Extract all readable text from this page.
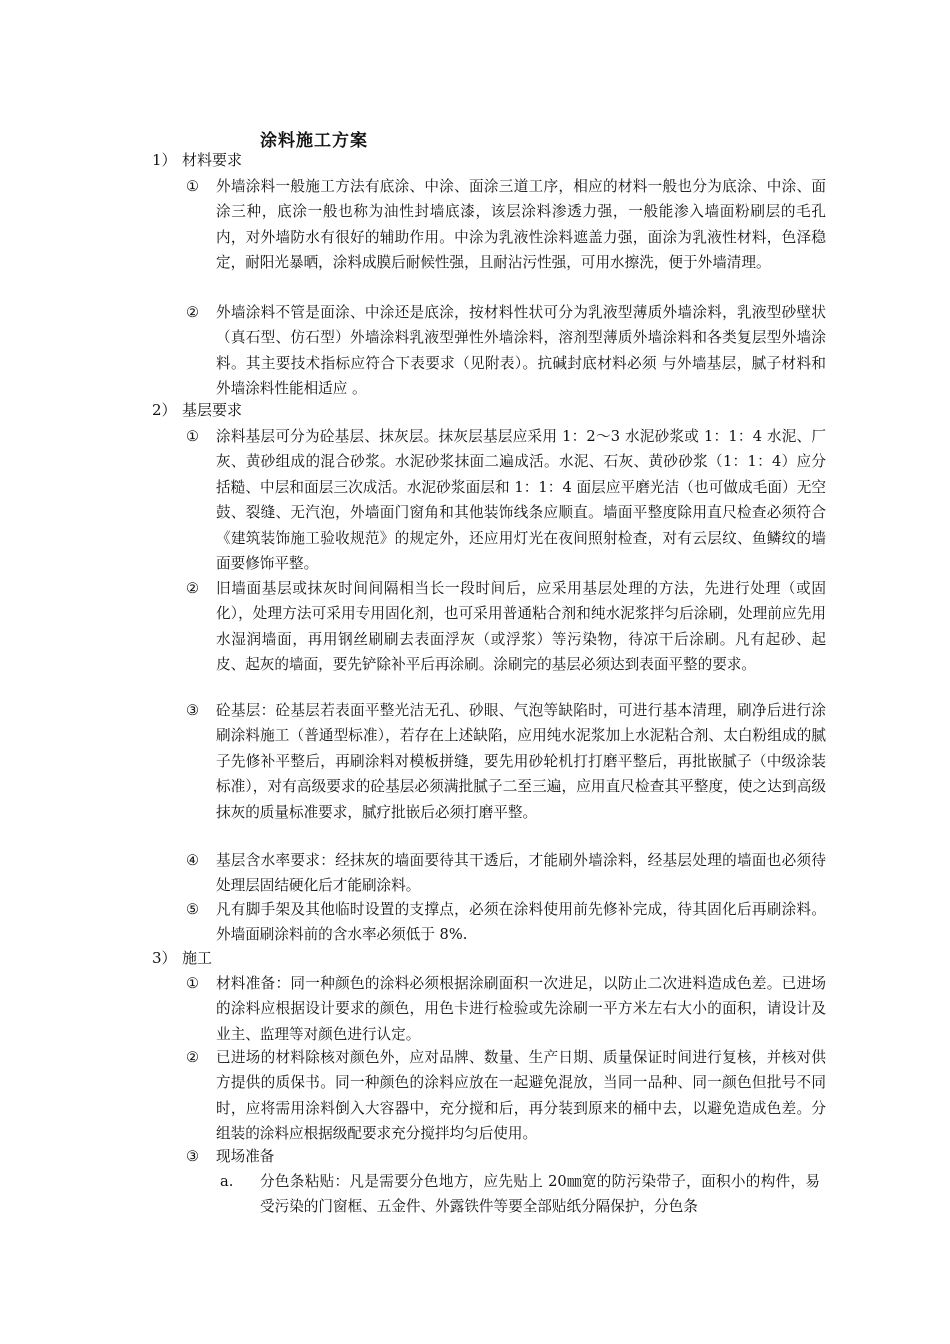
涂料施工方案
1） 材料要求
①	外墙涂料一般施工方法有底涂、中涂、面涂三道工序，相应的材料一般也分为底涂、中涂、面涂三种，底涂一般也称为油性封墙底漆，该层涂料渗透力强，一般能渗入墙面粉刷层的毛孔内，对外墙防水有很好的辅助作用。中涂为乳液性涂料遮盖力强，面涂为乳液性材料，色泽稳定，耐阳光暴晒，涂料成膜后耐候性强，且耐沾污性强，可用水擦洗，便于外墙清理。
②	外墙涂料不管是面涂、中涂还是底涂，按材料性状可分为乳液型薄质外墙涂料，乳液型砂壁状（真石型、仿石型）外墙涂料乳液型弹性外墙涂料，溶剂型薄质外墙涂料和各类复层型外墙涂料。其主要技术指标应符合下表要求（见附表）。抗碱封底材料必须 与外墙基层，腻子材料和外墙涂料性能相适应 。
2） 基层要求
①	涂料基层可分为砼基层、抹灰层。抹灰层基层应采用 1：2～3 水泥砂浆或 1：1：4 水泥、厂灰、黄砂组成的混合砂浆。水泥砂浆抹面二遍成活。水泥、石灰、黄砂砂浆（1：1：4）应分括糙、中层和面层三次成活。水泥砂浆面层和 1：1：4 面层应平磨光洁（也可做成毛面）无空鼓、裂缝、无汽泡，外墙面门窗角和其他装饰线条应顺直。墙面平整度除用直尺检查必须符合《建筑装饰施工验收规范》的规定外，还应用灯光在夜间照射检查，对有云层纹、鱼鳞纹的墙面要修饰平整。
②	旧墙面基层或抹灰时间间隔相当长一段时间后，应采用基层处理的方法，先进行处理（或固化），处理方法可采用专用固化剂，也可采用普通粘合剂和纯水泥浆拌匀后涂刷，处理前应先用水湿润墙面，再用钢丝刷刷去表面浮灰（或浮浆）等污染物，待凉干后涂刷。凡有起砂、起皮、起灰的墙面，要先铲除补平后再涂刷。涂刷完的基层必须达到表面平整的要求。
③	砼基层：砼基层若表面平整光洁无孔、砂眼、气泡等缺陷时，可进行基本清理，刷净后进行涂刷涂料施工（普通型标准），若存在上述缺陷，应用纯水泥浆加上水泥粘合剂、太白粉组成的腻子先修补平整后，再刷涂料对模板拼缝，要先用砂轮机打打磨平整后，再批嵌腻子（中级涂装标准），对有高级要求的砼基层必须满批腻子二至三遍，应用直尺检查其平整度，使之达到高级抹灰的质量标准要求，腻疗批嵌后必须打磨平整。
④	基层含水率要求：经抹灰的墙面要待其干透后，才能刷外墙涂料，经基层处理的墙面也必须待处理层固结硬化后才能刷涂料。
⑤	凡有脚手架及其他临时设置的支撑点，必须在涂料使用前先修补完成，待其固化后再刷涂料。外墙面刷涂料前的含水率必须低于 8%.
3） 施工
①	材料准备：同一种颜色的涂料必须根据涂刷面积一次进足，以防止二次进料造成色差。已进场的涂料应根据设计要求的颜色，用色卡进行检验或先涂刷一平方米左右大小的面积，请设计及业主、监理等对颜色进行认定。
②	已进场的材料除核对颜色外，应对品牌、数量、生产日期、质量保证时间进行复核，并核对供方提供的质保书。同一种颜色的涂料应放在一起避免混放，当同一品种、同一颜色但批号不同时，应将需用涂料倒入大容器中，充分搅和后，再分装到原来的桶中去，以避免造成色差。分组装的涂料应根据级配要求充分搅拌均匀后使用。
③	现场准备
a. 分色条粘贴：凡是需要分色地方，应先贴上 20㎜宽的防污染带子，面积小的构件，易受污染的门窗框、五金件、外露铁件等要全部贴纸分隔保护，分色条
